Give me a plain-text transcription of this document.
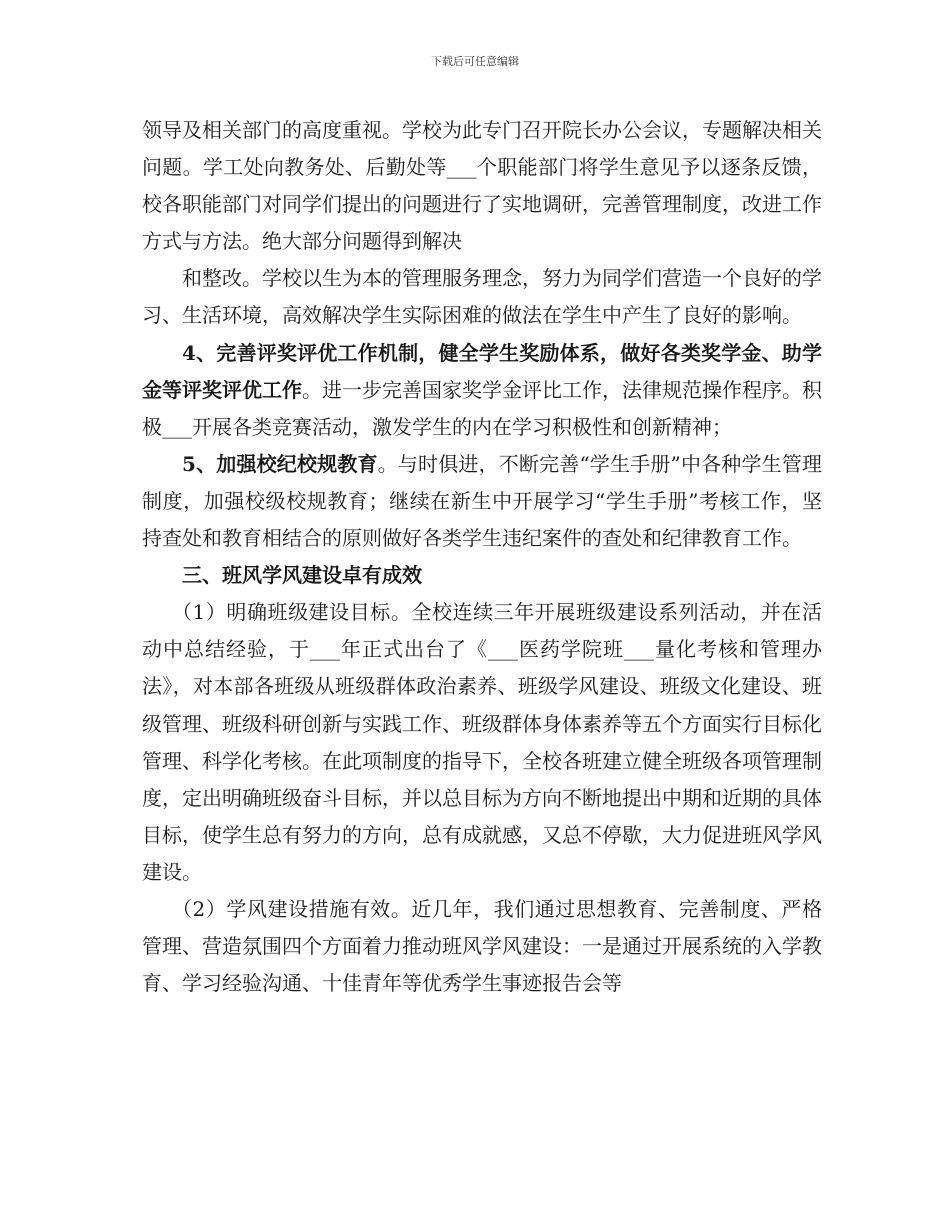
下载后可任意编辑

领导及相关部门的高度重视。学校为此专门召开院长办公会议，专题解决相关问题。学工处向教务处、后勤处等___个职能部门将学生意见予以逐条反馈，校各职能部门对同学们提出的问题进行了实地调研，完善管理制度，改进工作方式与方法。绝大部分问题得到解决

和整改。学校以生为本的管理服务理念，努力为同学们营造一个良好的学习、生活环境，高效解决学生实际困难的做法在学生中产生了良好的影响。

4、完善评奖评优工作机制，健全学生奖励体系，做好各类奖学金、助学金等评奖评优工作。进一步完善国家奖学金评比工作，法律规范操作程序。积极___开展各类竞赛活动，激发学生的内在学习积极性和创新精神；

5、加强校纪校规教育。与时俱进，不断完善“学生手册”中各种学生管理制度，加强校级校规教育；继续在新生中开展学习“学生手册”考核工作，坚持查处和教育相结合的原则做好各类学生违纪案件的查处和纪律教育工作。

三、班风学风建设卓有成效

（1）明确班级建设目标。全校连续三年开展班级建设系列活动，并在活动中总结经验，于___年正式出台了《___医药学院班___量化考核和管理办法》，对本部各班级从班级群体政治素养、班级学风建设、班级文化建设、班级管理、班级科研创新与实践工作、班级群体身体素养等五个方面实行目标化管理、科学化考核。在此项制度的指导下，全校各班建立健全班级各项管理制度，定出明确班级奋斗目标，并以总目标为方向不断地提出中期和近期的具体目标，使学生总有努力的方向，总有成就感，又总不停歇，大力促进班风学风建设。

（2）学风建设措施有效。近几年，我们通过思想教育、完善制度、严格管理、营造氛围四个方面着力推动班风学风建设：一是通过开展系统的入学教育、学习经验沟通、十佳青年等优秀学生事迹报告会等
